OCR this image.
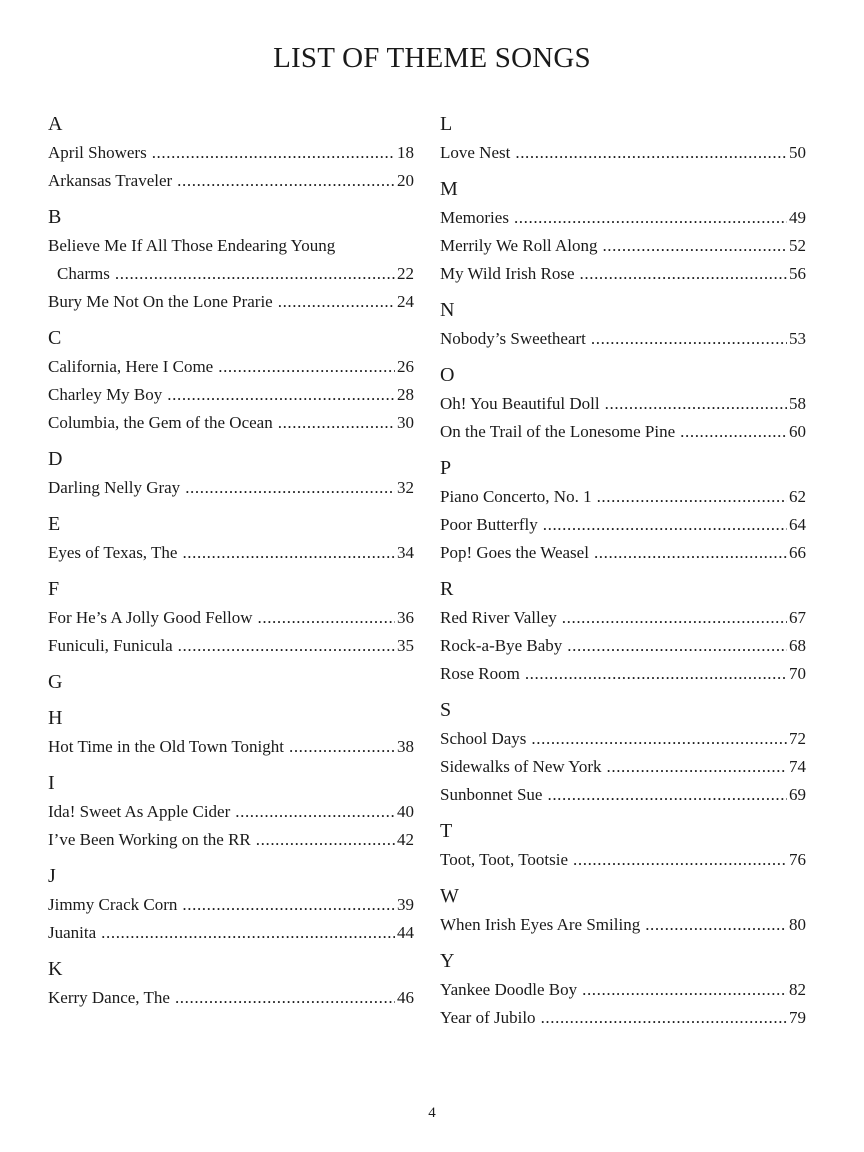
LIST OF THEME SONGS
A
April Showers .....	18
Arkansas Traveler .....	20
B
Believe Me If All Those Endearing Young
Charms .....	22
Bury Me Not On the Lone Prarie .....	24
C
California, Here I Come .....	26
Charley My Boy .....	28
Columbia, the Gem of the Ocean .....	30
D
Darling Nelly Gray .....	32
E
Eyes of Texas, The .....	34
F
For He’s A Jolly Good Fellow .....	36
Funiculi, Funicula .....	35
G
H
Hot Time in the Old Town Tonight .....	38
I
Ida! Sweet As Apple Cider .....	40
I’ve Been Working on the RR .....	42
J
Jimmy Crack Corn .....	39
Juanita .....	44
K
Kerry Dance, The .....	46
L
Love Nest .....	50
M
Memories .....	49
Merrily We Roll Along .....	52
My Wild Irish Rose .....	56
N
Nobody’s Sweetheart .....	53
O
Oh! You Beautiful Doll .....	58
On the Trail of the Lonesome Pine .....	60
P
Piano Concerto, No. 1 .....	62
Poor Butterfly .....	64
Pop! Goes the Weasel .....	66
R
Red River Valley .....	67
Rock-a-Bye Baby .....	68
Rose Room .....	70
S
School Days .....	72
Sidewalks of New York .....	74
Sunbonnet Sue .....	69
T
Toot, Toot, Tootsie .....	76
W
When Irish Eyes Are Smiling .....	80
Y
Yankee Doodle Boy .....	82
Year of Jubilo .....	79
4
